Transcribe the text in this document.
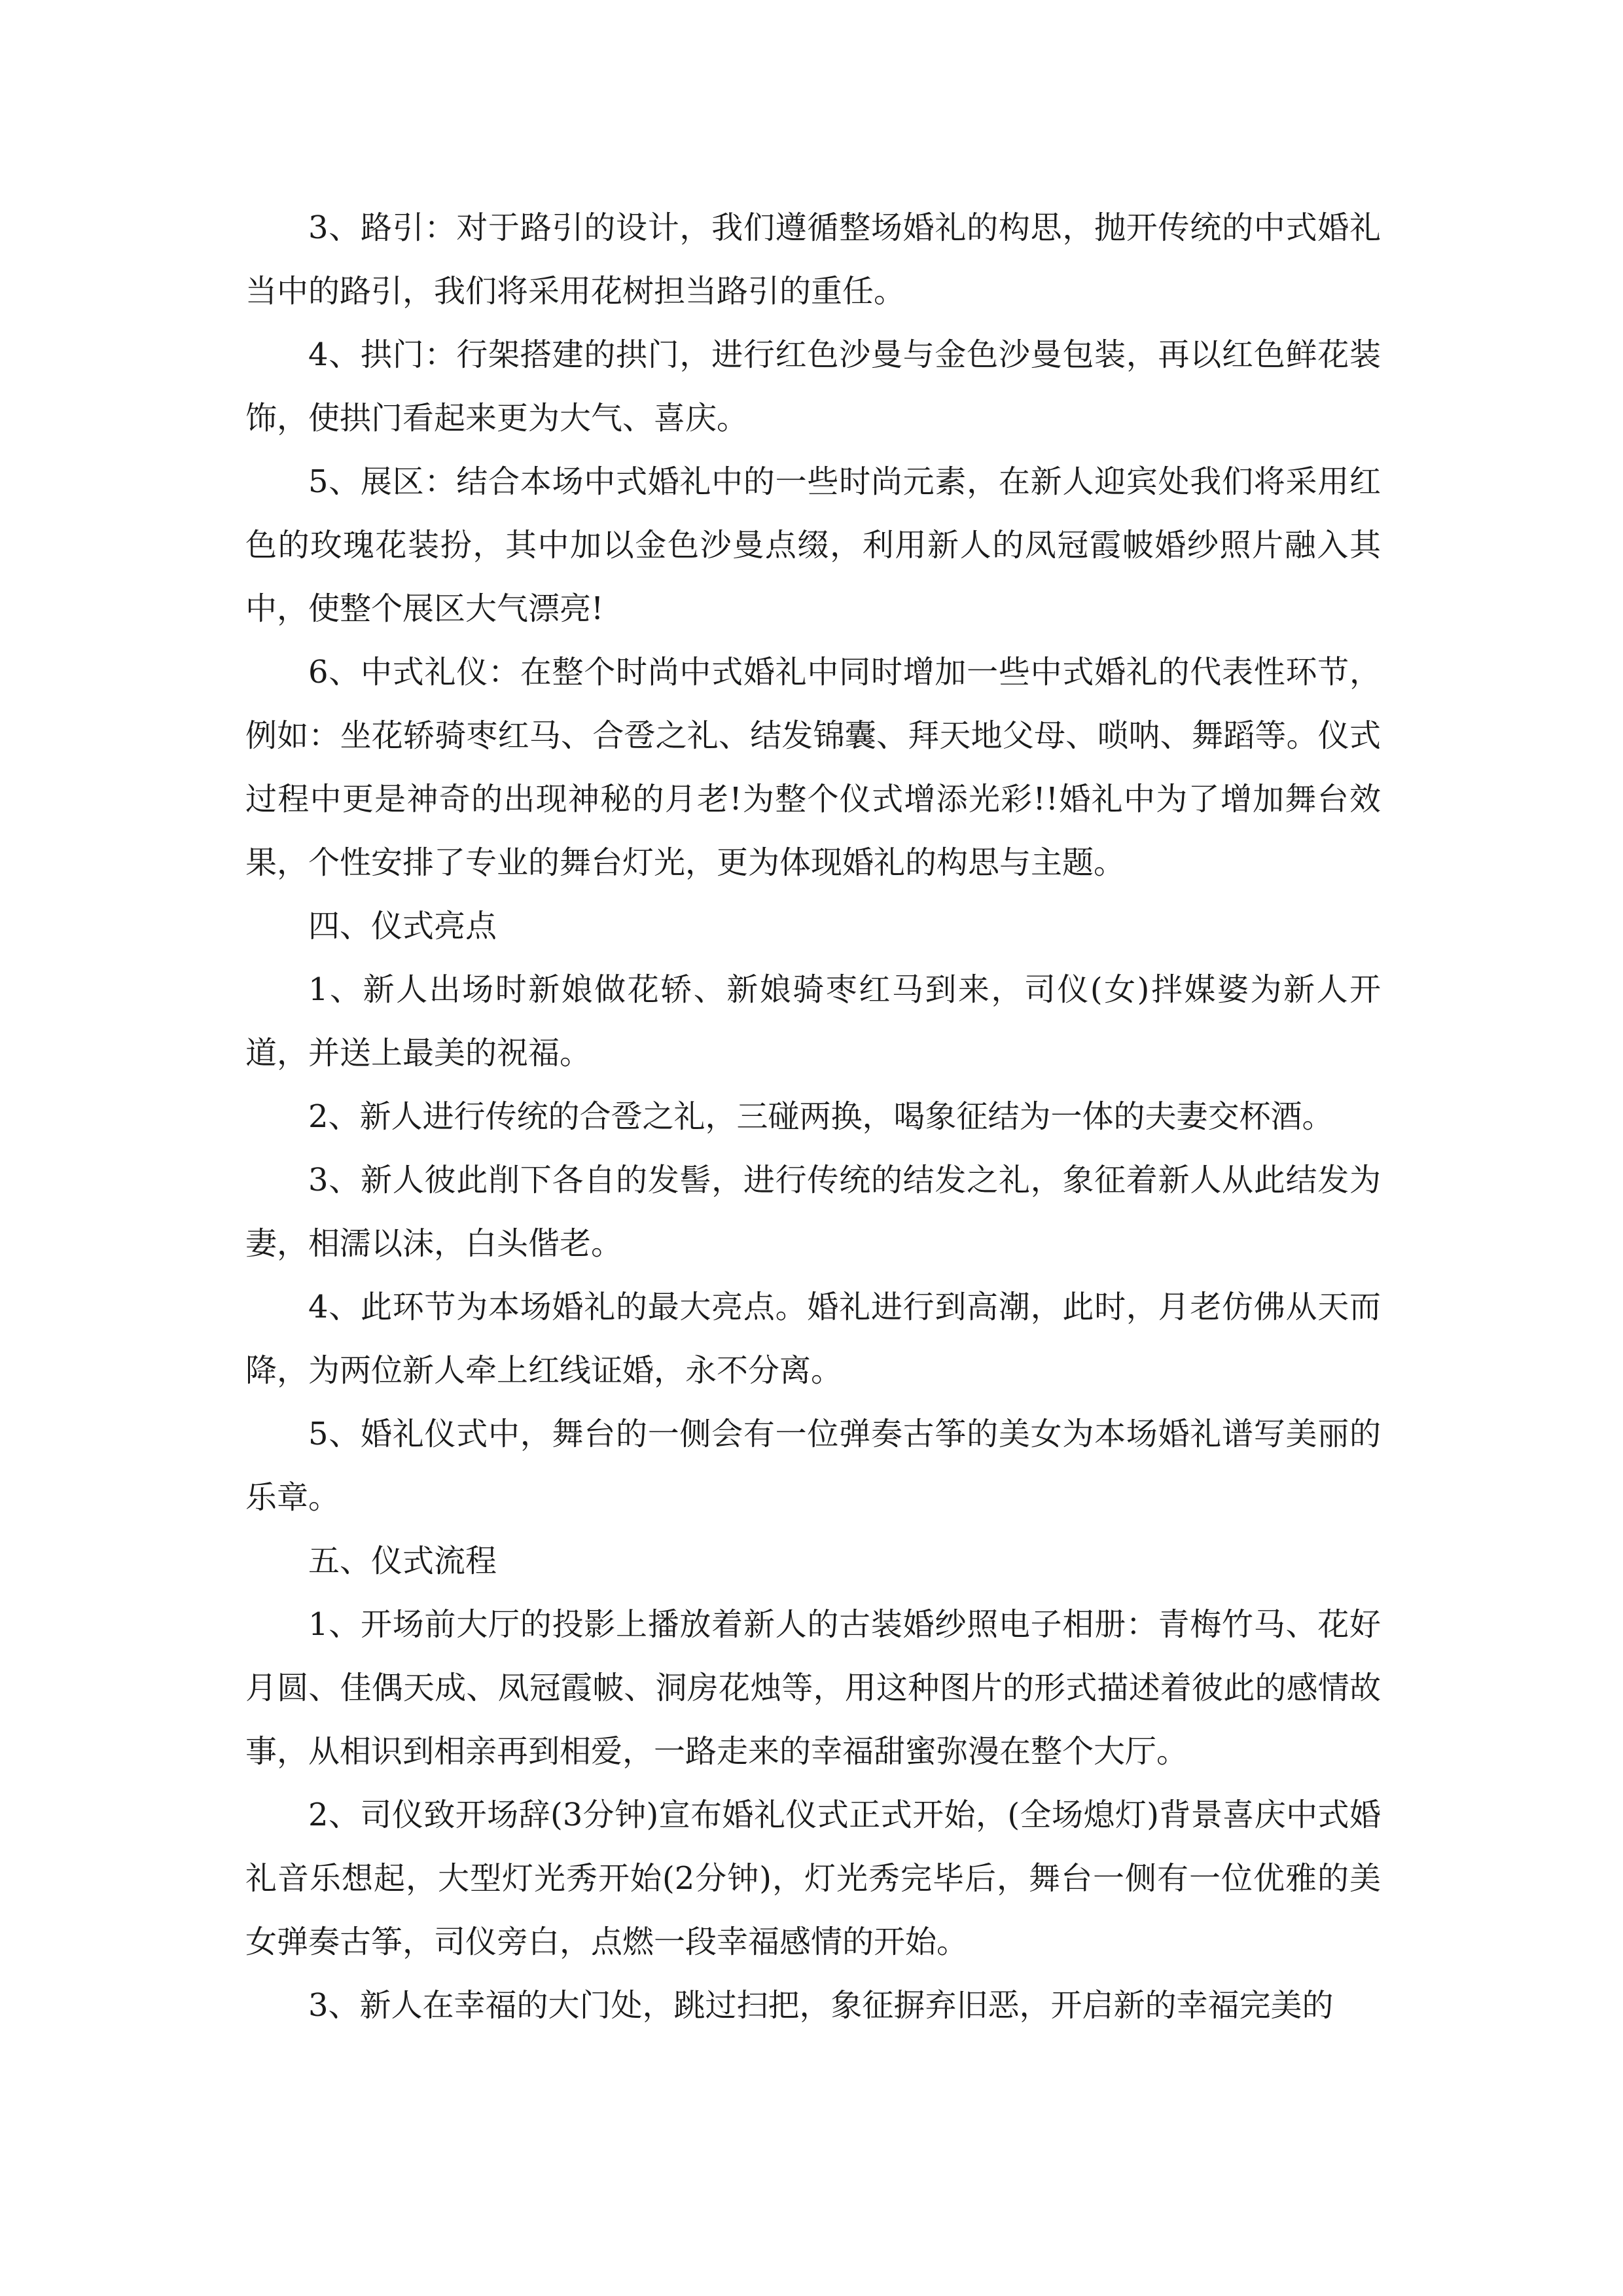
3、路引：对于路引的设计，我们遵循整场婚礼的构思，抛开传统的中式婚礼当中的路引，我们将采用花树担当路引的重任。

4、拱门：行架搭建的拱门，进行红色沙曼与金色沙曼包装，再以红色鲜花装饰，使拱门看起来更为大气、喜庆。

5、展区：结合本场中式婚礼中的一些时尚元素，在新人迎宾处我们将采用红色的玫瑰花装扮，其中加以金色沙曼点缀，利用新人的凤冠霞帔婚纱照片融入其中，使整个展区大气漂亮!

6、中式礼仪：在整个时尚中式婚礼中同时增加一些中式婚礼的代表性环节，例如：坐花轿骑枣红马、合卺之礼、结发锦囊、拜天地父母、唢呐、舞蹈等。仪式过程中更是神奇的出现神秘的月老!为整个仪式增添光彩!!婚礼中为了增加舞台效果，个性安排了专业的舞台灯光，更为体现婚礼的构思与主题。

四、仪式亮点

1、新人出场时新娘做花轿、新娘骑枣红马到来，司仪(女)拌媒婆为新人开道，并送上最美的祝福。

2、新人进行传统的合卺之礼，三碰两换，喝象征结为一体的夫妻交杯酒。

3、新人彼此削下各自的发髻，进行传统的结发之礼，象征着新人从此结发为妻，相濡以沫，白头偕老。

4、此环节为本场婚礼的最大亮点。婚礼进行到高潮，此时，月老仿佛从天而降，为两位新人牵上红线证婚，永不分离。

5、婚礼仪式中，舞台的一侧会有一位弹奏古筝的美女为本场婚礼谱写美丽的乐章。

五、仪式流程

1、开场前大厅的投影上播放着新人的古装婚纱照电子相册：青梅竹马、花好月圆、佳偶天成、凤冠霞帔、洞房花烛等，用这种图片的形式描述着彼此的感情故事，从相识到相亲再到相爱，一路走来的幸福甜蜜弥漫在整个大厅。

2、司仪致开场辞(3分钟)宣布婚礼仪式正式开始，(全场熄灯)背景喜庆中式婚礼音乐想起，大型灯光秀开始(2分钟)，灯光秀完毕后，舞台一侧有一位优雅的美女弹奏古筝，司仪旁白，点燃一段幸福感情的开始。

3、新人在幸福的大门处，跳过扫把，象征摒弃旧恶，开启新的幸福完美的
